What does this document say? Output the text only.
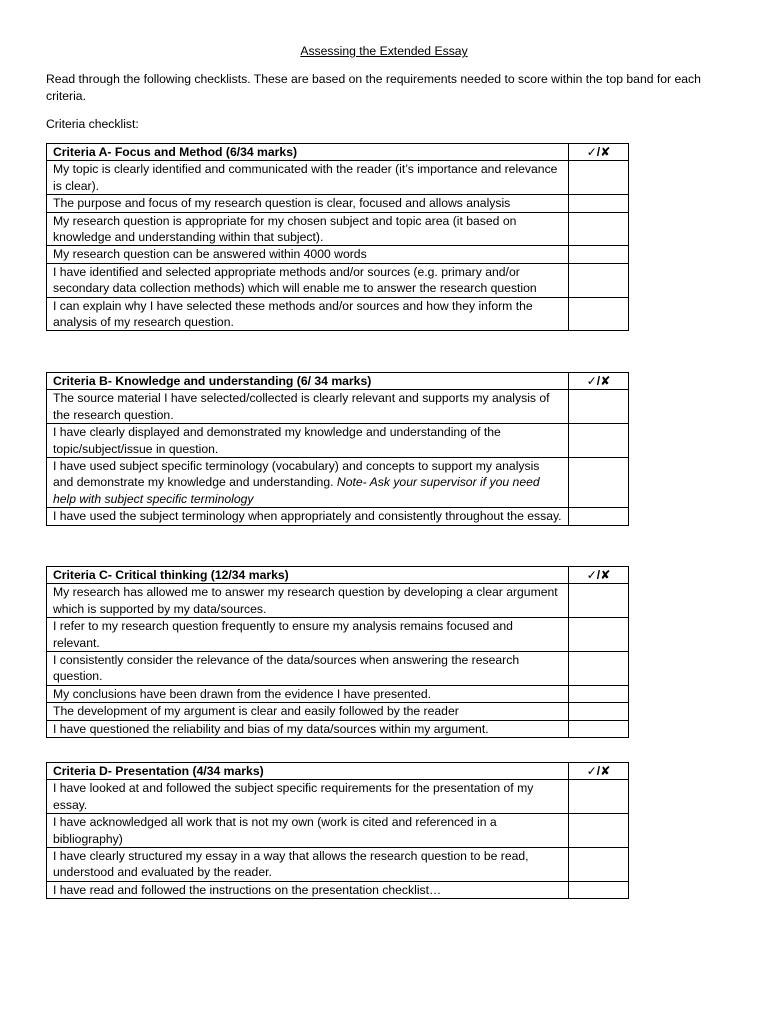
Assessing the Extended Essay

Read through the following checklists. These are based on the requirements needed to score within the top band for each criteria.

Criteria checklist:

Criteria A- Focus and Method (6/34 marks)	✓/✘
My topic is clearly identified and communicated with the reader (it’s importance and relevance is clear).	
The purpose and focus of my research question is clear, focused and allows analysis	
My research question is appropriate for my chosen subject and topic area (it based on knowledge and understanding within that subject).	
My research question can be answered within 4000 words	
I have identified and selected appropriate methods and/or sources (e.g. primary and/or secondary data collection methods) which will enable me to answer the research question	
I can explain why I have selected these methods and/or sources and how they inform the analysis of my research question.	
Criteria B- Knowledge and understanding (6/ 34 marks)	✓/✘
The source material I have selected/collected is clearly relevant and supports my analysis of the research question.	
I have clearly displayed and demonstrated my knowledge and understanding of the topic/subject/issue in question.	
I have used subject specific terminology (vocabulary) and concepts to support my analysis and demonstrate my knowledge and understanding. Note- Ask your supervisor if you need help with subject specific terminology	
I have used the subject terminology when appropriately and consistently throughout the essay.	
Criteria C- Critical thinking (12/34 marks)	✓/✘
My research has allowed me to answer my research question by developing a clear argument which is supported by my data/sources.	
I refer to my research question frequently to ensure my analysis remains focused and relevant.	
I consistently consider the relevance of the data/sources when answering the research question.	
My conclusions have been drawn from the evidence I have presented.	
The development of my argument is clear and easily followed by the reader	
I have questioned the reliability and bias of my data/sources within my argument.	
Criteria D- Presentation (4/34 marks)	✓/✘
I have looked at and followed the subject specific requirements for the presentation of my essay.	
I have acknowledged all work that is not my own (work is cited and referenced in a bibliography)	
I have clearly structured my essay in a way that allows the research question to be read, understood and evaluated by the reader.	
I have read and followed the instructions on the presentation checklist…	
